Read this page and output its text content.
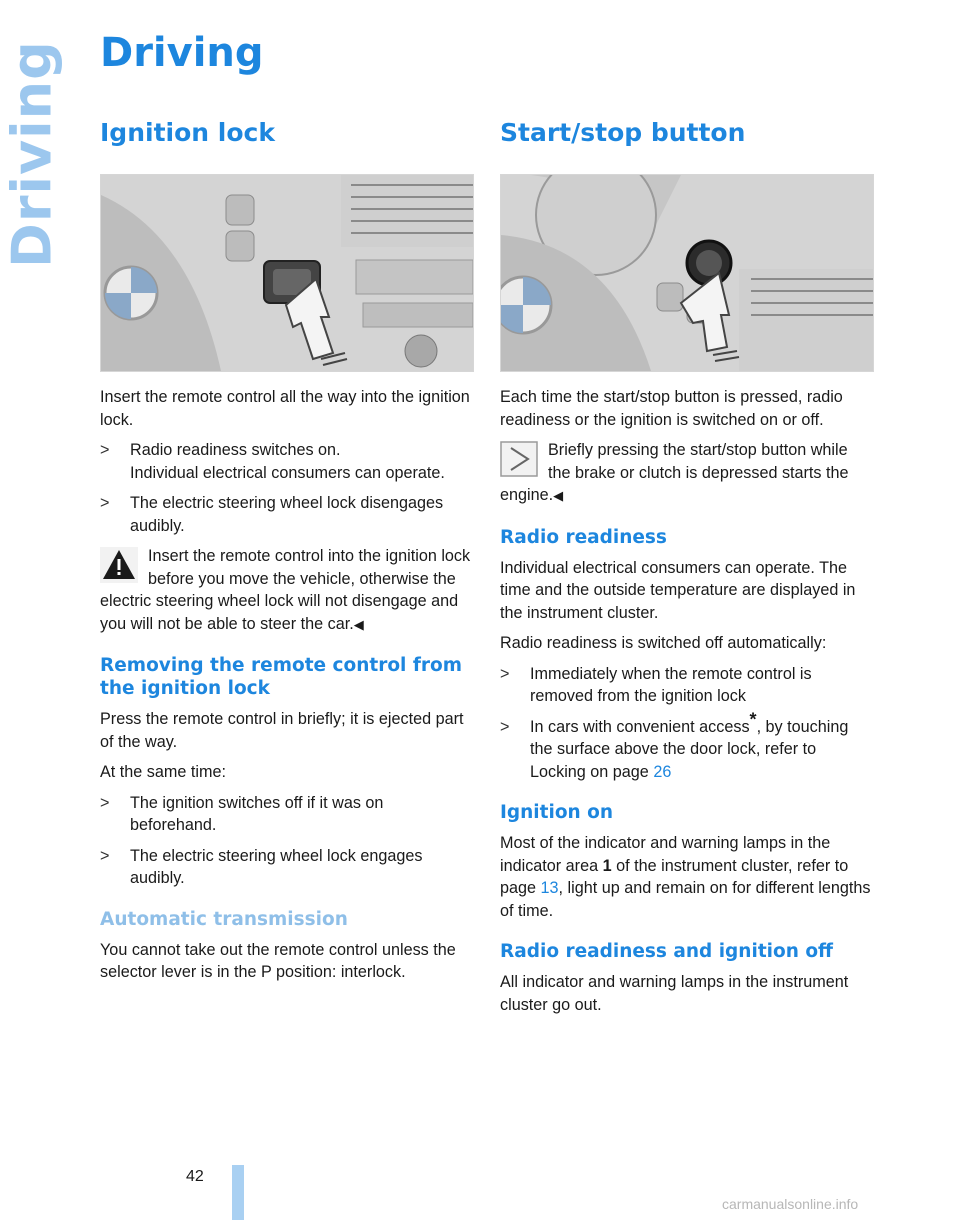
Driving Driving
Ignition lock

Insert the remote control all the way into the ignition lock.

> Radio readiness switches on.
Individual electrical consumers can operate.
> The electric steering wheel lock disengages audibly.
Insert the remote control into the ignition lock before you move the vehicle, otherwise the electric steering wheel lock will not disengage and you will not be able to steer the car.◀
Removing the remote control from the ignition lock

Press the remote control in briefly; it is ejected part of the way.

At the same time:

> The ignition switches off if it was on beforehand.
> The electric steering wheel lock engages audibly.
Automatic transmission

You cannot take out the remote control unless the selector lever is in the P position: interlock.

Start/stop button

Each time the start/stop button is pressed, radio readiness or the ignition is switched on or off.

Briefly pressing the start/stop button while the brake or clutch is depressed starts the engine.◀
Radio readiness

Individual electrical consumers can operate. The time and the outside temperature are displayed in the instrument cluster.

Radio readiness is switched off automatically:

> Immediately when the remote control is removed from the ignition lock
> In cars with convenient access*, by touching the surface above the door lock, refer to Locking on page 26
Ignition on

Most of the indicator and warning lamps in the indicator area 1 of the instrument cluster, refer to page 13, light up and remain on for different lengths of time.

Radio readiness and ignition off

All indicator and warning lamps in the instrument cluster go out.

42
carmanualsonline.info
